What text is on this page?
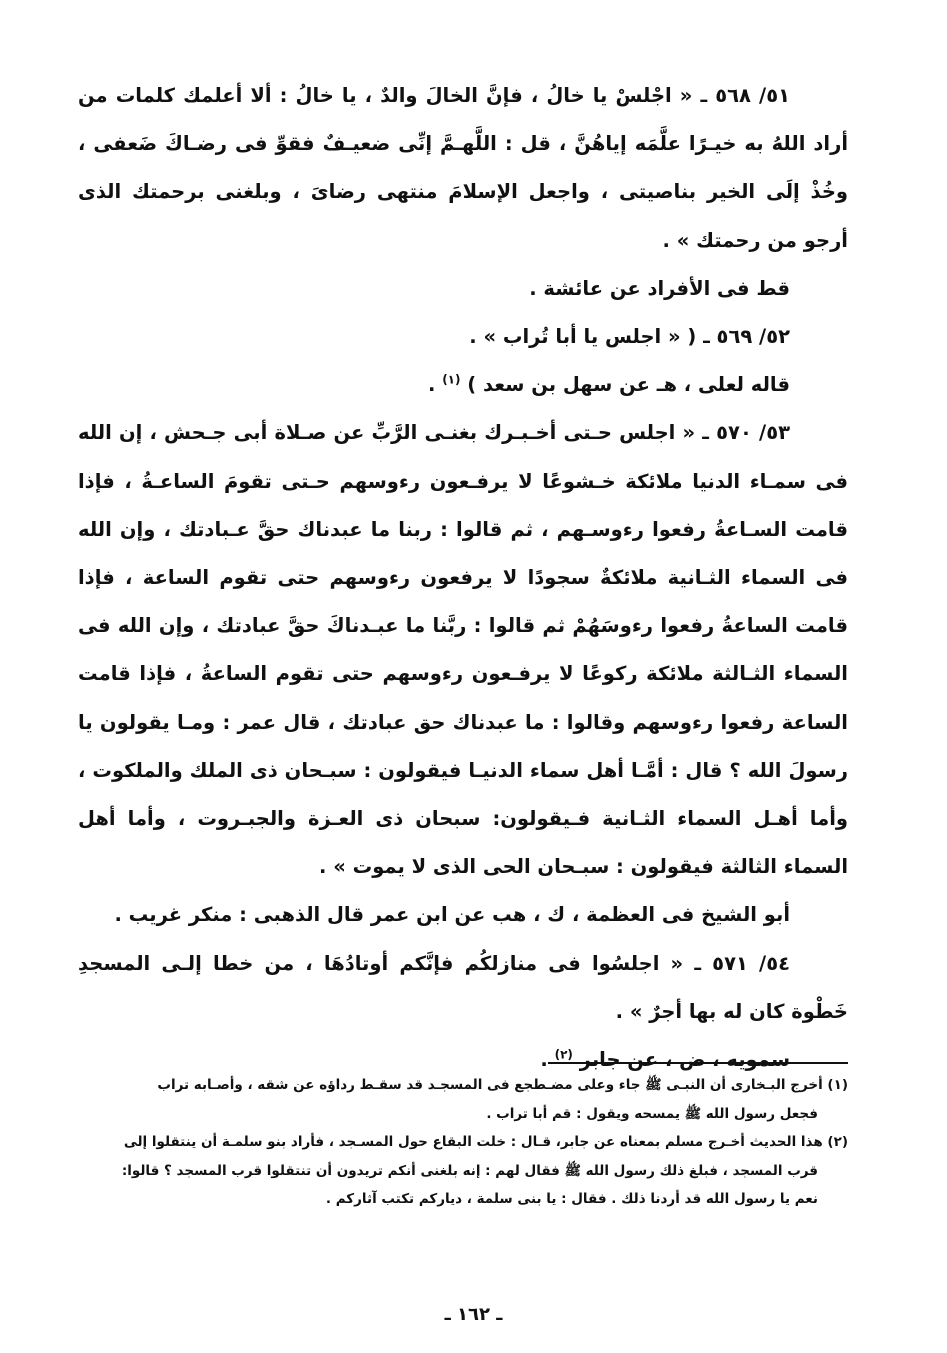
٥١/ ٥٦٨ ـ « اجْلسْ يا خالُ ، فإنَّ الخالَ والدٌ ، يا خالُ : ألا أعلمك كلمات من أراد اللهُ به خيـرًا علَّمَه إياهُنَّ ، قل : اللَّهـمَّ إنِّى ضعيـفٌ فقوِّ فى رضـاكَ ضَعفى ، وخُذْ إلَى الخير بناصيتى ، واجعل الإسلامَ منتهى رضاىَ ، وبلغنى برحمتك الذى أرجو من رحمتك » .

قط فى الأفراد عن عائشة .

٥٢/ ٥٦٩ ـ ( « اجلس يا أبا تُراب » .

قاله لعلى ، هـ عن سهل بن سعد ) $^{(١)}$ .

٥٣/ ٥٧٠ ـ « اجلس حـتى أخـبـرك بغنـى الرَّبِّ عن صـلاة أبى جـحش ، إن الله فى سمـاء الدنيا ملائكة خـشوعًا لا يرفـعون رءوسهم حـتى تقومَ الساعـةُ ، فإذا قامت السـاعةُ رفعوا رءوسـهم ، ثم قالوا : ربنا ما عبدناك حقَّ عـبادتك ، وإن الله فى السماء الثـانية ملائكةٌ سجودًا لا يرفعون رءوسهم حتى تقوم الساعة ، فإذا قامت الساعةُ رفعوا رءوسَهُمْ ثم قالوا : ربَّنا ما عبـدناكَ حقَّ عبادتك ، وإن الله فى السماء الثـالثة ملائكة ركوعًا لا يرفـعون رءوسهم حتى تقوم الساعةُ ، فإذا قامت الساعة رفعوا رءوسهم وقالوا : ما عبدناك حق عبادتك ، قال عمر : ومـا يقولون يا رسولَ الله ؟ قال : أمَّـا أهل سماء الدنيـا فيقولون : سبـحان ذى الملك والملكوت ، وأما أهـل السماء الثـانية فـيقولون: سبحان ذى العـزة والجبـروت ، وأما أهل السماء الثالثة فيقولون : سبـحان الحى الذى لا يموت » .

أبو الشيخ فى العظمة ، ك ، هب عن ابن عمر قال الذهبى : منكر غريب .

٥٤/ ٥٧١ ـ « اجلسُوا فى منازلكُم فإنَّكم أوتادُهَا ، من خطا إلـى المسجدِ خَطْوة كان له بها أجرٌ » .

سمويه ، ض ، عن جابر $^{(٢)}$ .

(١) أخرج البـخارى أن النبـى ﷺ جاء وعلى مضـطجع فى المسجـد قد سقـط رداؤه عن شقه ، وأصـابه تراب

فجعل رسول الله ﷺ يمسحه ويقول : قم أبا تراب .

(٢) هذا الحديث أخـرج مسلم بمعناه عن جابر، قـال : خلت البقاع حول المسـجد ، فأراد بنو سلمـة أن ينتقلوا إلى

قرب المسجد ، فبلغ ذلك رسول الله ﷺ فقال لهم : إنه بلغنى أنكم تريدون أن تنتقلوا قرب المسجد ؟ قالوا:

نعم يا رسول الله قد أردنا ذلك . فقال : يا بنى سلمة ، دياركم تكتب آثاركم .

ـ ١٦٢ ـ
